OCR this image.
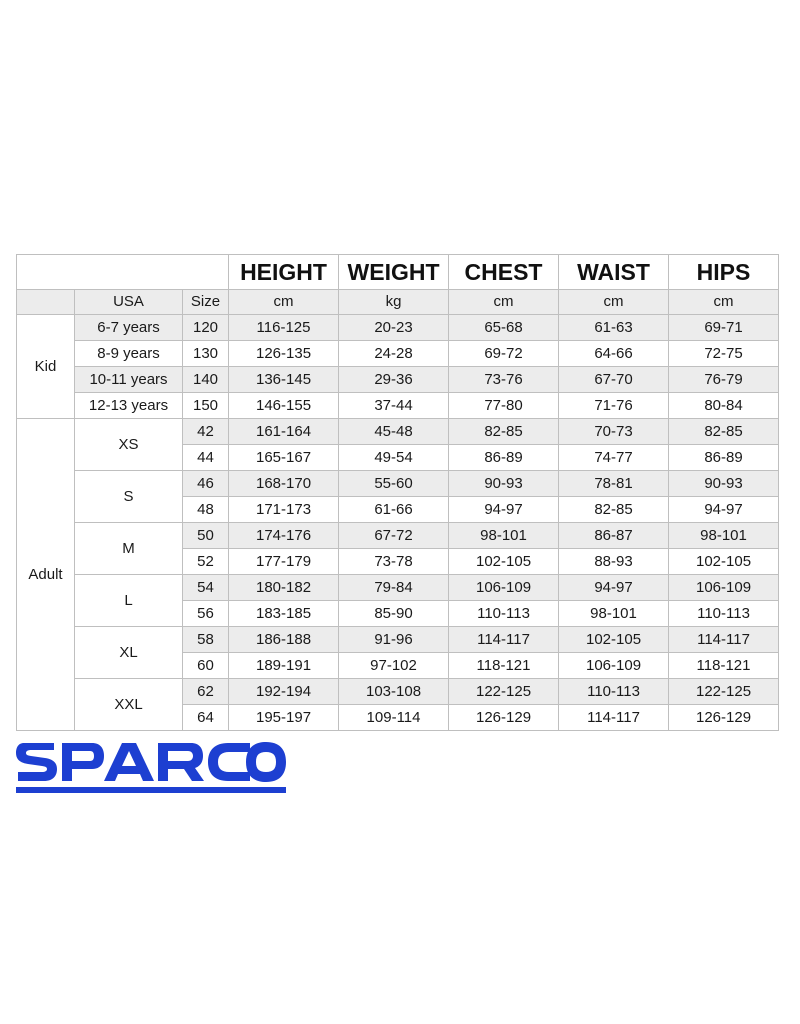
			HEIGHT	WEIGHT	CHEST	WAIST	HIPS
	USA	Size	cm	kg	cm	cm	cm
Kid	6-7 years	120	116-125	20-23	65-68	61-63	69-71
	8-9 years	130	126-135	24-28	69-72	64-66	72-75
	10-11 years	140	136-145	29-36	73-76	67-70	76-79
	12-13 years	150	146-155	37-44	77-80	71-76	80-84
Adult	XS	42	161-164	45-48	82-85	70-73	82-85
		44	165-167	49-54	86-89	74-77	86-89
	S	46	168-170	55-60	90-93	78-81	90-93
		48	171-173	61-66	94-97	82-85	94-97
	M	50	174-176	67-72	98-101	86-87	98-101
		52	177-179	73-78	102-105	88-93	102-105
	L	54	180-182	79-84	106-109	94-97	106-109
		56	183-185	85-90	110-113	98-101	110-113
	XL	58	186-188	91-96	114-117	102-105	114-117
		60	189-191	97-102	118-121	106-109	118-121
	XXL	62	192-194	103-108	122-125	110-113	122-125
		64	195-197	109-114	126-129	114-117	126-129
